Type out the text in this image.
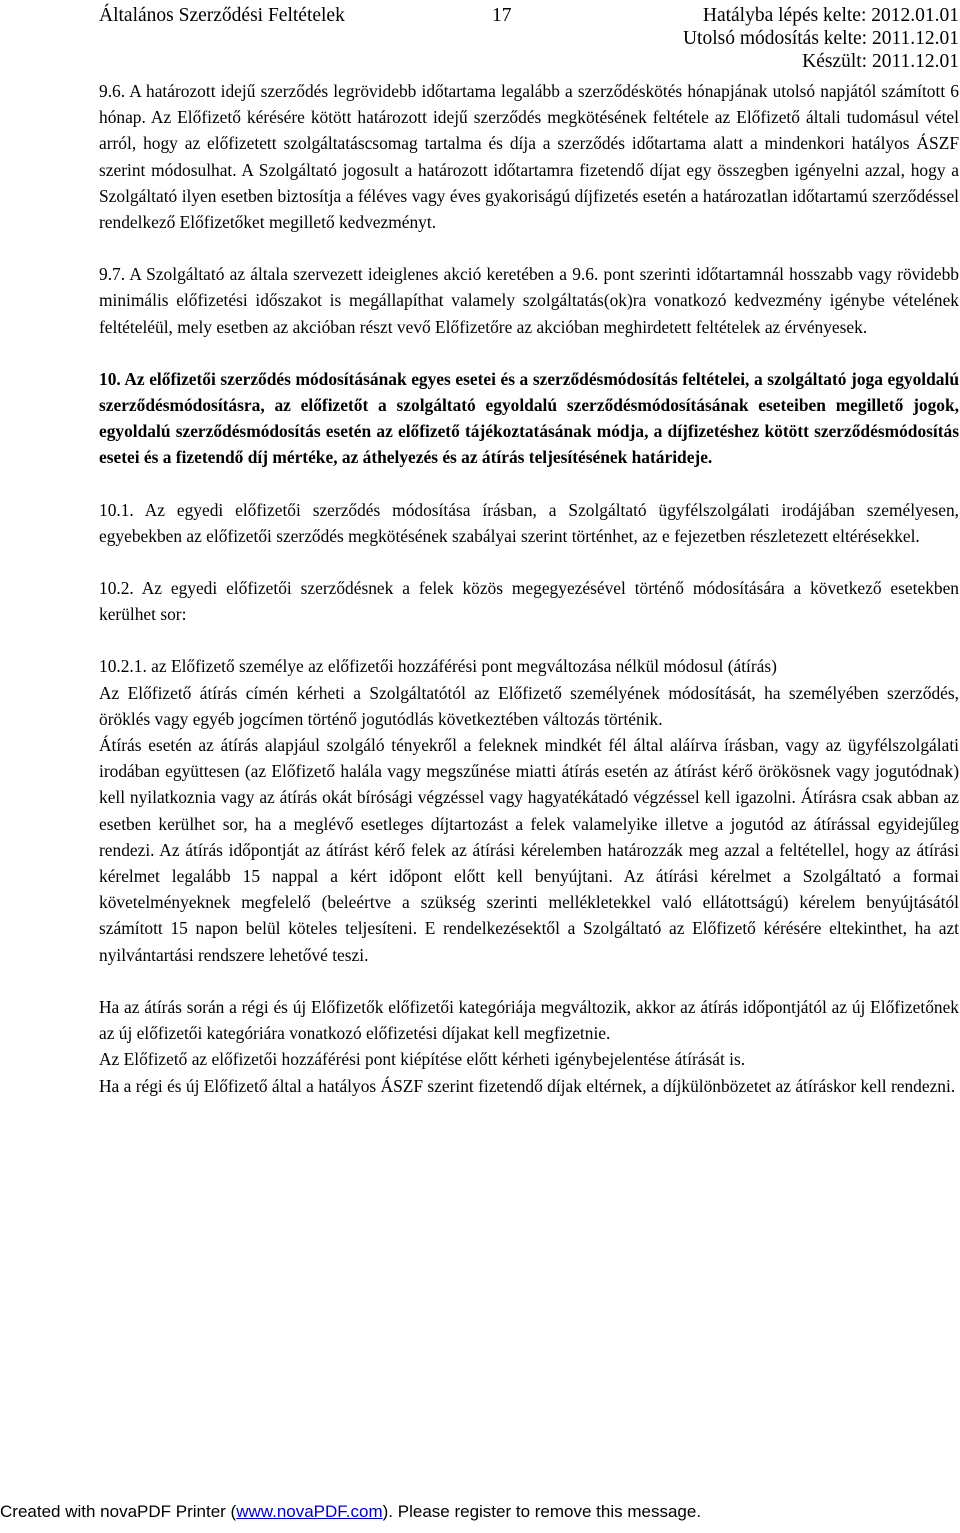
Általános Szerződési Feltételek	17	Hatályba lépés kelte: 2012.01.01
Utolsó módosítás kelte: 2011.12.01
Készült: 2011.12.01

9.6. A határozott idejű szerződés legrövidebb időtartama legalább a szerződéskötés hónapjának utolsó napjától számított 6 hónap. Az Előfizető kérésére kötött határozott idejű szerződés megkötésének feltétele az Előfizető általi tudomásul vétel arról, hogy az előfizetett szolgáltatáscsomag tartalma és díja a szerződés időtartama alatt a mindenkori hatályos ÁSZF szerint módosulhat. A Szolgáltató jogosult a határozott időtartamra fizetendő díjat egy összegben igényelni azzal, hogy a Szolgáltató ilyen esetben biztosítja a féléves vagy éves gyakoriságú díjfizetés esetén a határozatlan időtartamú szerződéssel rendelkező Előfizetőket megillető kedvezményt.

9.7. A Szolgáltató az általa szervezett ideiglenes akció keretében a 9.6. pont szerinti időtartamnál hosszabb vagy rövidebb minimális előfizetési időszakot is megállapíthat valamely szolgáltatás(ok)ra vonatkozó kedvezmény igénybe vételének feltételéül, mely esetben az akcióban részt vevő Előfizetőre az akcióban meghirdetett feltételek az érvényesek.

10. Az előfizetői szerződés módosításának egyes esetei és a szerződésmódosítás feltételei, a szolgáltató joga egyoldalú szerződésmódosításra, az előfizetőt a szolgáltató egyoldalú szerződésmódosításának eseteiben megillető jogok, egyoldalú szerződésmódosítás esetén az előfizető tájékoztatásának módja, a díjfizetéshez kötött szerződésmódosítás esetei és a fizetendő díj mértéke, az áthelyezés és az átírás teljesítésének határideje.

10.1. Az egyedi előfizetői szerződés módosítása írásban, a Szolgáltató ügyfélszolgálati irodájában személyesen, egyebekben az előfizetői szerződés megkötésének szabályai szerint történhet, az e fejezetben részletezett eltérésekkel.

10.2. Az egyedi előfizetői szerződésnek a felek közös megegyezésével történő módosítására a következő esetekben kerülhet sor:

10.2.1. az Előfizető személye az előfizetői hozzáférési pont megváltozása nélkül módosul (átírás)

Az Előfizető átírás címén kérheti a Szolgáltatótól az Előfizető személyének módosítását, ha személyében szerződés, öröklés vagy egyéb jogcímen történő jogutódlás következtében változás történik.

Átírás esetén az átírás alapjául szolgáló tényekről a feleknek mindkét fél által aláírva írásban, vagy az ügyfélszolgálati irodában együttesen (az Előfizető halála vagy megszűnése miatti átírás esetén az átírást kérő örökösnek vagy jogutódnak) kell nyilatkoznia vagy az átírás okát bírósági végzéssel vagy hagyatékátadó végzéssel kell igazolni. Átírásra csak abban az esetben kerülhet sor, ha a meglévő esetleges díjtartozást a felek valamelyike illetve a jogutód az átírással egyidejűleg rendezi. Az átírás időpontját az átírást kérő felek az átírási kérelemben határozzák meg azzal a feltétellel, hogy az átírási kérelmet legalább 15 nappal a kért időpont előtt kell benyújtani. Az átírási kérelmet a Szolgáltató a formai követelményeknek megfelelő (beleértve a szükség szerinti mellékletekkel való ellátottságú) kérelem benyújtásától számított 15 napon belül köteles teljesíteni. E rendelkezésektől a Szolgáltató az Előfizető kérésére eltekinthet, ha azt nyilvántartási rendszere lehetővé teszi.

Ha az átírás során a régi és új Előfizetők előfizetői kategóriája megváltozik, akkor az átírás időpontjától az új Előfizetőnek az új előfizetői kategóriára vonatkozó előfizetési díjakat kell megfizetnie.

Az Előfizető az előfizetői hozzáférési pont kiépítése előtt kérheti igénybejelentése átírását is.

Ha a régi és új Előfizető által a hatályos ÁSZF szerint fizetendő díjak eltérnek, a díjkülönbözetet az átíráskor kell rendezni.

Created with novaPDF Printer (www.novaPDF.com). Please register to remove this message.
